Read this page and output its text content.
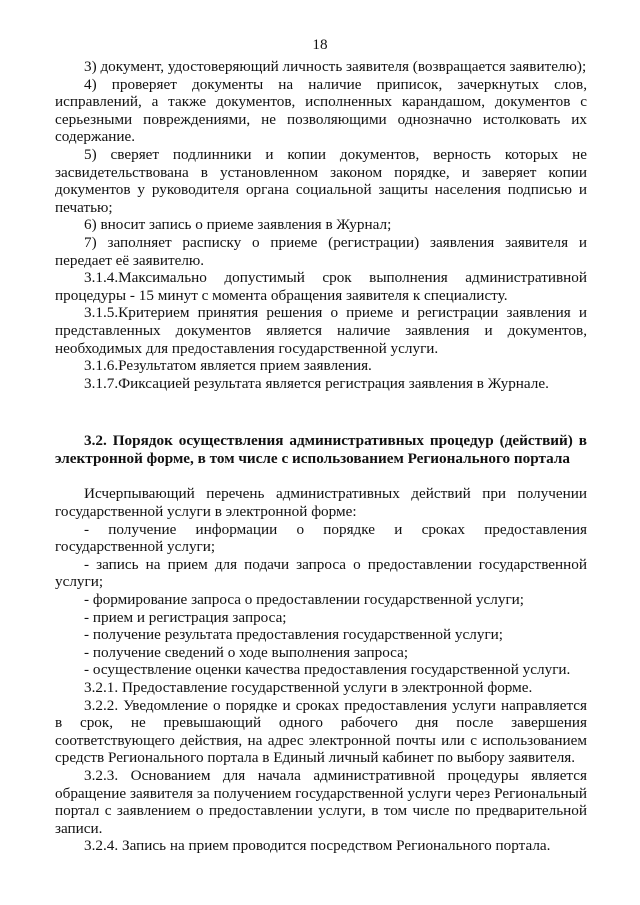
18

3) документ, удостоверяющий личность заявителя (возвращается заявителю);

4) проверяет документы на наличие приписок, зачеркнутых слов, исправлений, а также документов, исполненных карандашом, документов с серьезными повреждениями, не позволяющими однозначно истолковать их содержание.

5) сверяет подлинники и копии документов, верность которых не засвидетельствована в установленном законом порядке, и заверяет копии документов у руководителя органа социальной защиты населения подписью и печатью;

6) вносит запись о приеме заявления в Журнал;

7) заполняет расписку о приеме (регистрации) заявления заявителя и передает её заявителю.

3.1.4.Максимально допустимый срок выполнения административной процедуры - 15 минут с момента обращения заявителя к специалисту.

3.1.5.Критерием принятия решения о приеме и регистрации заявления и представленных документов является наличие заявления и документов, необходимых для предоставления государственной услуги.

3.1.6.Результатом является прием заявления.

3.1.7.Фиксацией результата является регистрация заявления в Журнале.

3.2. Порядок осуществления административных процедур (действий) в электронной форме, в том числе с использованием Регионального портала

Исчерпывающий перечень административных действий при получении государственной услуги в электронной форме:

- получение информации о порядке и сроках предоставления государственной услуги;

- запись на прием для подачи запроса о предоставлении государственной услуги;

- формирование запроса о предоставлении государственной услуги;

- прием и регистрация запроса;

- получение результата предоставления государственной услуги;

- получение сведений о ходе выполнения запроса;

- осуществление оценки качества предоставления государственной услуги.

3.2.1. Предоставление государственной услуги в электронной форме.

3.2.2. Уведомление о порядке и сроках предоставления услуги направляется в срок, не превышающий одного рабочего дня после завершения соответствующего действия, на адрес электронной почты или с использованием средств Регионального портала в Единый личный кабинет по выбору заявителя.

3.2.3. Основанием для начала административной процедуры является обращение заявителя за получением государственной услуги через Региональный портал с заявлением о предоставлении услуги, в том числе по предварительной записи.

3.2.4. Запись на прием проводится посредством Регионального портала.
